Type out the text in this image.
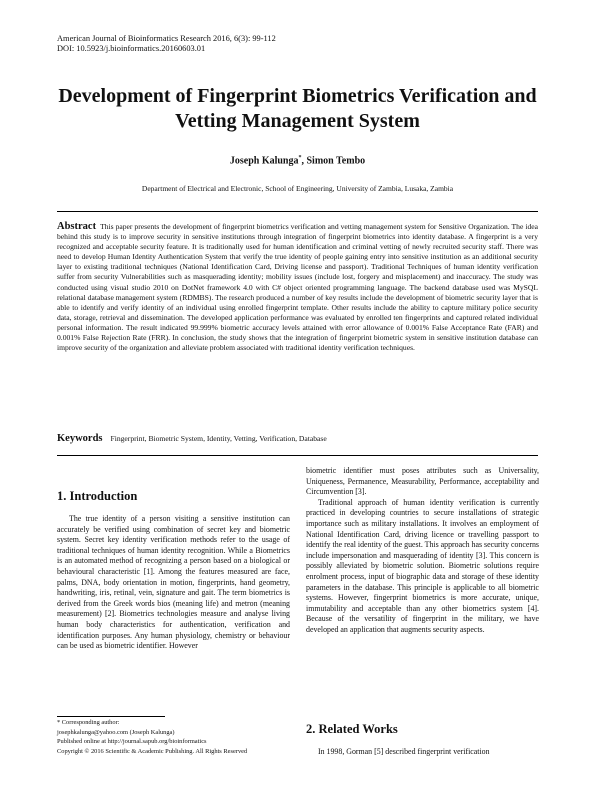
American Journal of Bioinformatics Research 2016, 6(3): 99-112
DOI: 10.5923/j.bioinformatics.20160603.01
Development of Fingerprint Biometrics Verification and Vetting Management System
Joseph Kalunga*, Simon Tembo
Department of Electrical and Electronic, School of Engineering, University of Zambia, Lusaka, Zambia
Abstract This paper presents the development of fingerprint biometrics verification and vetting management system for Sensitive Organization. The idea behind this study is to improve security in sensitive institutions through integration of fingerprint biometrics into identity database. A fingerprint is a very recognized and acceptable security feature. It is traditionally used for human identification and criminal vetting of newly recruited security staff. There was need to develop Human Identity Authentication System that verify the true identity of people gaining entry into sensitive institution as an additional security layer to existing traditional techniques (National Identification Card, Driving license and passport). Traditional Techniques of human identity verification suffer from security Vulnerabilities such as masquerading identity; mobility issues (include lost, forgery and misplacement) and inaccuracy. The study was conducted using visual studio 2010 on DotNet framework 4.0 with C# object oriented programming language. The backend database used was MySQL relational database management system (RDMBS). The research produced a number of key results include the development of biometric security layer that is able to identify and verify identity of an individual using enrolled fingerprint template. Other results include the ability to capture military police security data, storage, retrieval and dissemination. The developed application performance was evaluated by enrolled ten fingerprints and captured related individual personal information. The result indicated 99.999% biometric accuracy levels attained with error allowance of 0.001% False Acceptance Rate (FAR) and 0.001% False Rejection Rate (FRR). In conclusion, the study shows that the integration of fingerprint biometric system in sensitive institution database can improve security of the organization and alleviate problem associated with traditional identity verification techniques.
Keywords Fingerprint, Biometric System, Identity, Vetting, Verification, Database
1. Introduction

The true identity of a person visiting a sensitive institution can accurately be verified using combination of secret key and biometric system. Secret key identity verification methods refer to the usage of traditional techniques of human identity recognition. While a Biometrics is an automated method of recognizing a person based on a biological or behavioural characteristic [1]. Among the features measured are face, palms, DNA, body orientation in motion, fingerprints, hand geometry, handwriting, iris, retinal, vein, signature and gait. The term biometrics is derived from the Greek words bios (meaning life) and metron (meaning measurement) [2]. Biometrics technologies measure and analyse living human body characteristics for authentication, verification and identification purposes. Any human physiology, chemistry or behaviour can be used as biometric identifier. However

biometric identifier must poses attributes such as Universality, Uniqueness, Permanence, Measurability, Performance, acceptability and Circumvention [3].

Traditional approach of human identity verification is currently practiced in developing countries to secure installations of strategic importance such as military installations. It involves an employment of National Identification Card, driving licence or travelling passport to identify the real identity of the guest. This approach has security concerns include impersonation and masquerading of identity [3]. This concern is possibly alleviated by biometric solution. Biometric solutions require enrolment process, input of biographic data and storage of these identity parameters in the database. This principle is applicable to all biometric systems. However, fingerprint biometrics is more accurate, unique, immutability and acceptable than any other biometrics system [4]. Because of the versatility of fingerprint in the military, we have developed an application that augments security aspects.

* Corresponding author:
josephkalunga@yahoo.com (Joseph Kalunga)
Published online at http://journal.sapub.org/bioinformatics
Copyright © 2016 Scientific & Academic Publishing. All Rights Reserved
2. Related Works
In 1998, Gorman [5] described fingerprint verification
